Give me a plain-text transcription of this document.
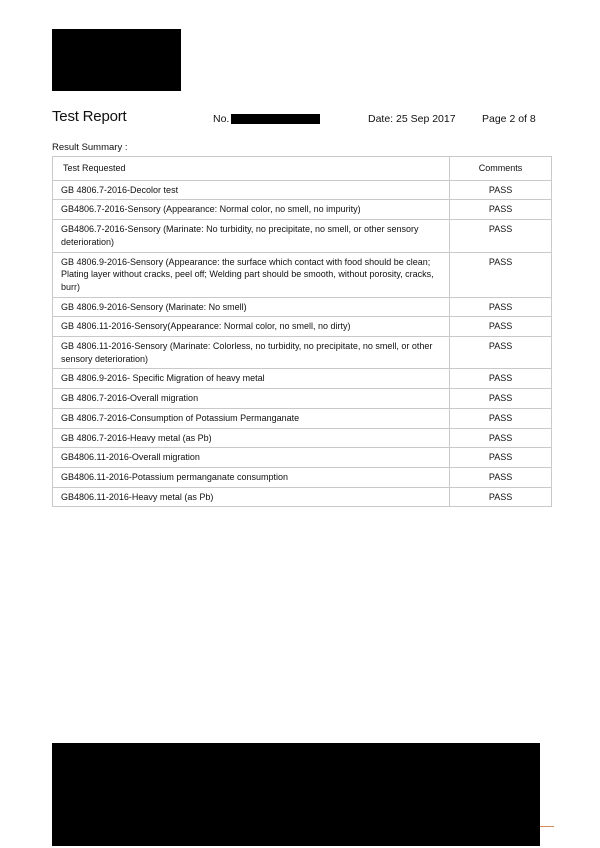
Test Report	No.	Date: 25 Sep 2017	Page 2 of 8
Result Summary :
Test Requested	Comments
GB 4806.7-2016-Decolor test	PASS
GB4806.7-2016-Sensory (Appearance: Normal color, no smell, no impurity)	PASS
GB4806.7-2016-Sensory (Marinate: No turbidity, no precipitate, no smell, or other sensory deterioration)	PASS
GB 4806.9-2016-Sensory (Appearance: the surface which contact with food should be clean; Plating layer without cracks, peel off; Welding part should be smooth, without porosity, cracks, burr)	PASS
GB 4806.9-2016-Sensory (Marinate: No smell)	PASS
GB 4806.11-2016-Sensory(Appearance: Normal color, no smell, no dirty)	PASS
GB 4806.11-2016-Sensory (Marinate: Colorless, no turbidity, no precipitate, no smell, or other sensory deterioration)	PASS
GB 4806.9-2016- Specific Migration of heavy metal	PASS
GB 4806.7-2016-Overall migration	PASS
GB 4806.7-2016-Consumption of Potassium Permanganate	PASS
GB 4806.7-2016-Heavy metal (as Pb)	PASS
GB4806.11-2016-Overall migration	PASS
GB4806.11-2016-Potassium permanganate consumption	PASS
GB4806.11-2016-Heavy metal (as Pb)	PASS
